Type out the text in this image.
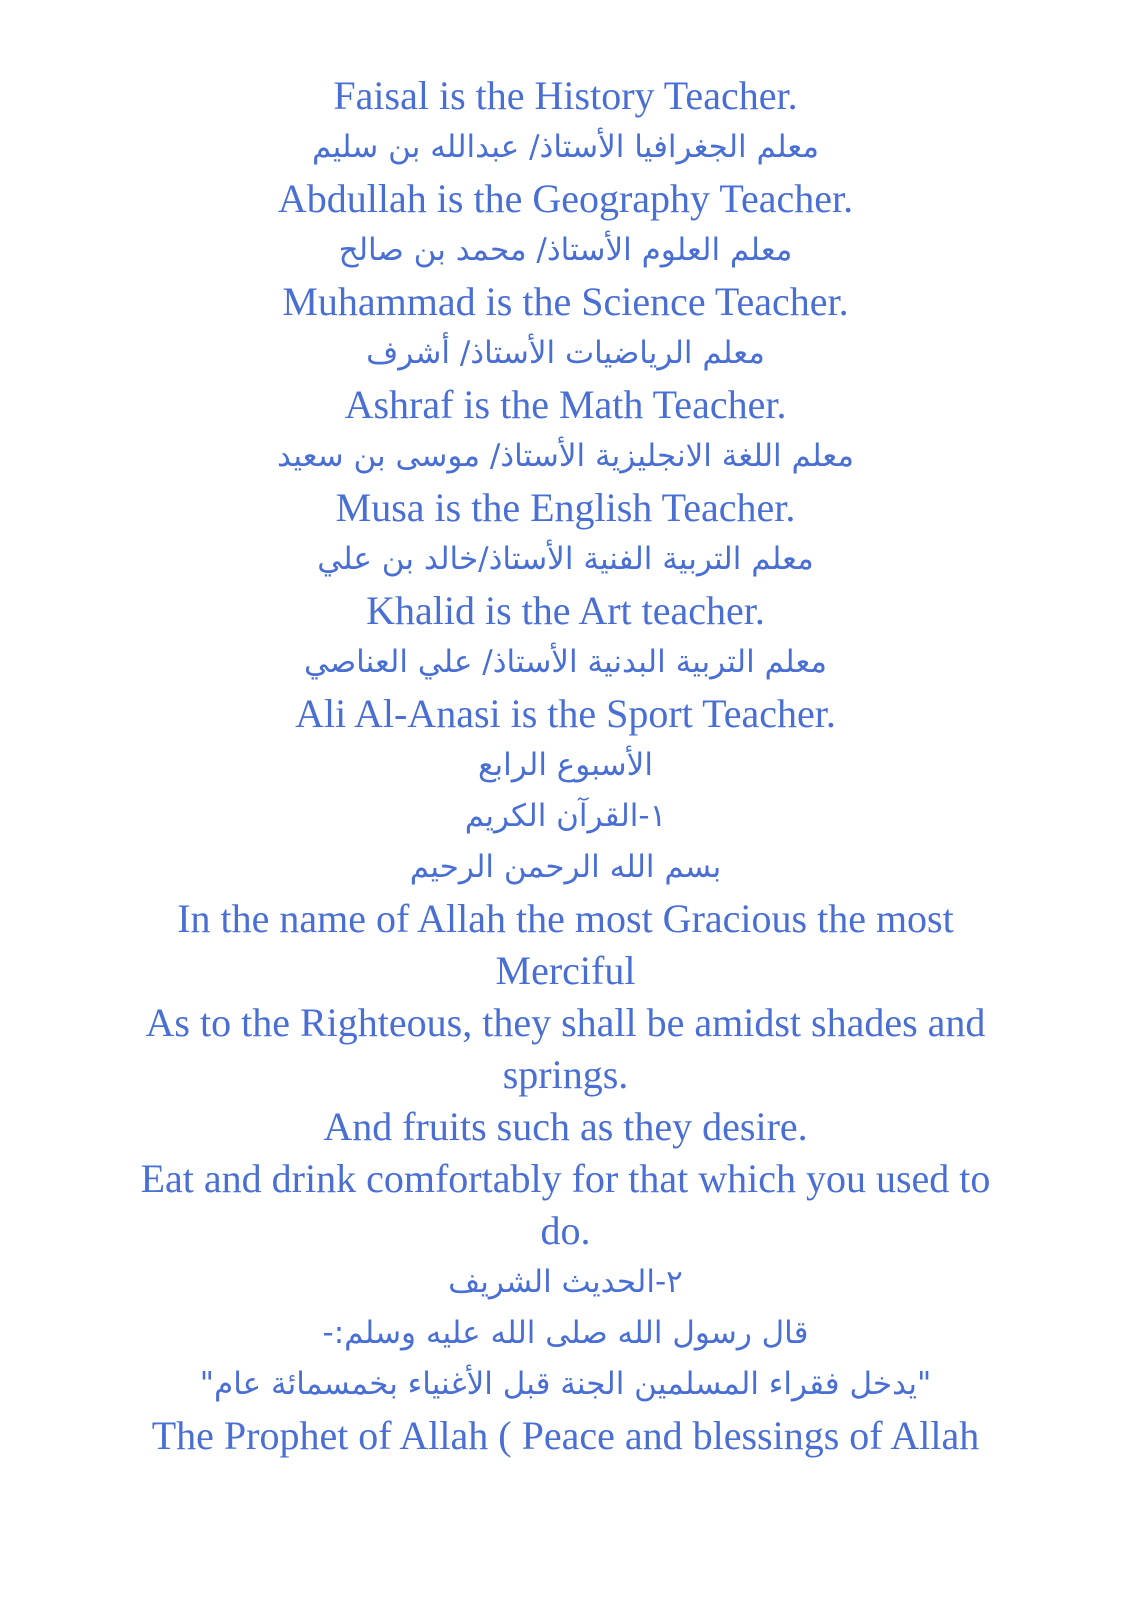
Faisal is the History Teacher.
معلم الجغرافيا الأستاذ/ عبدالله بن سليم
Abdullah is the Geography Teacher.
معلم العلوم الأستاذ/ محمد بن صالح
Muhammad is the Science Teacher.
معلم الرياضيات الأستاذ/ أشرف
Ashraf is the Math Teacher.
معلم اللغة الانجليزية الأستاذ/ موسى بن سعيد
Musa is the English Teacher.
معلم التربية الفنية الأستاذ/خالد بن علي
Khalid is the Art teacher.
معلم التربية البدنية الأستاذ/ علي العناصي
Ali Al-Anasi is the Sport Teacher.
الأسبوع الرابع
١-القرآن الكريم
بسم الله الرحمن الرحيم
In the name of Allah the most Gracious the most
Merciful
As to the Righteous, they shall be amidst shades and
springs.
And fruits such as they desire.
Eat and drink comfortably for that which you used to
do.
٢-الحديث الشريف
قال رسول الله صلى الله عليه وسلم:-
"يدخل فقراء المسلمين الجنة قبل الأغنياء بخمسمائة عام"
The Prophet of Allah ( Peace and blessings of Allah
